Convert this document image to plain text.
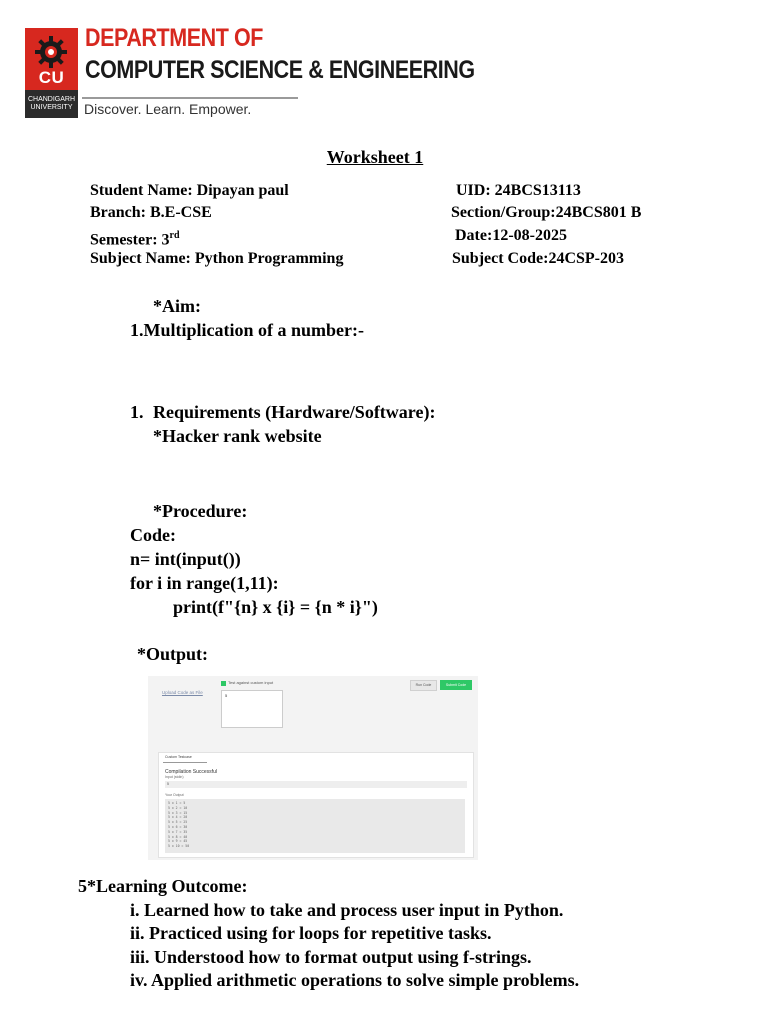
CU
CHANDIGARH UNIVERSITY
DEPARTMENT OF
COMPUTER SCIENCE & ENGINEERING
Discover. Learn. Empower.
Worksheet 1
Student Name: Dipayan paul	UID: 24BCS13113
Branch: B.E-CSE	Section/Group:24BCS801 B
Semester: 3rd	Date:12-08-2025
Subject Name: Python Programming	Subject Code:24CSP-203
*Aim:
1.Multiplication of a number:-
1. Requirements (Hardware/Software):
*Hacker rank website
*Procedure:
Code:
n= int(input())
for i in range(1,11):
print(f"{n} x {i} = {n * i}")
*Output:
Upload Code as File
Test against custom input
5
Run Code	Submit Code
Custom Testcase
Compilation Successful
Input (stdin)
5
Your Output
5 x 1 = 5
5 x 2 = 10
5 x 3 = 15
5 x 4 = 20
5 x 5 = 25
5 x 6 = 30
5 x 7 = 35
5 x 8 = 40
5 x 9 = 45
5 x 10 = 50
5*Learning Outcome:
i. Learned how to take and process user input in Python.
ii. Practiced using for loops for repetitive tasks.
iii. Understood how to format output using f-strings.
iv. Applied arithmetic operations to solve simple problems.
